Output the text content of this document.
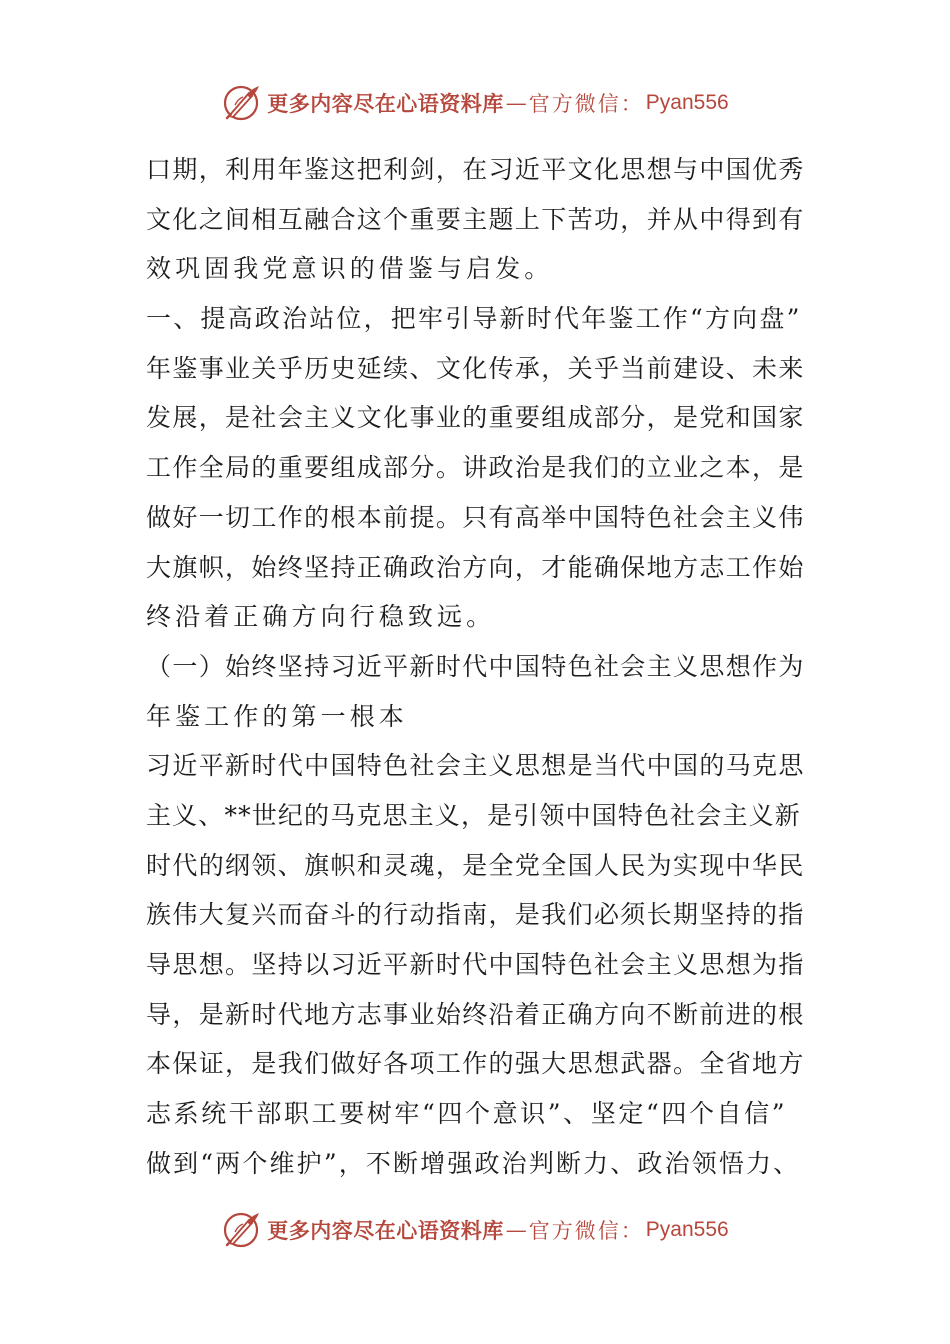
更多内容尽在心语资料库 — 官方微信： Pyan556
口期，利用年鉴这把利剑，在习近平文化思想与中国优秀
文化之间相互融合这个重要主题上下苦功，并从中得到有
效巩固我党意识的借鉴与启发。
一、提高政治站位，把牢引导新时代年鉴工作“方向盘”
年鉴事业关乎历史延续、文化传承，关乎当前建设、未来
发展，是社会主义文化事业的重要组成部分，是党和国家
工作全局的重要组成部分。讲政治是我们的立业之本，是
做好一切工作的根本前提。只有高举中国特色社会主义伟
大旗帜，始终坚持正确政治方向，才能确保地方志工作始
终沿着正确方向行稳致远。
（一）始终坚持习近平新时代中国特色社会主义思想作为
年鉴工作的第一根本
习近平新时代中国特色社会主义思想是当代中国的马克思
主义、**世纪的马克思主义，是引领中国特色社会主义新
时代的纲领、旗帜和灵魂，是全党全国人民为实现中华民
族伟大复兴而奋斗的行动指南，是我们必须长期坚持的指
导思想。坚持以习近平新时代中国特色社会主义思想为指
导，是新时代地方志事业始终沿着正确方向不断前进的根
本保证，是我们做好各项工作的强大思想武器。全省地方
志系统干部职工要树牢“四个意识”、坚定“四个自信”
做到“两个维护”，不断增强政治判断力、政治领悟力、
更多内容尽在心语资料库 — 官方微信： Pyan556
